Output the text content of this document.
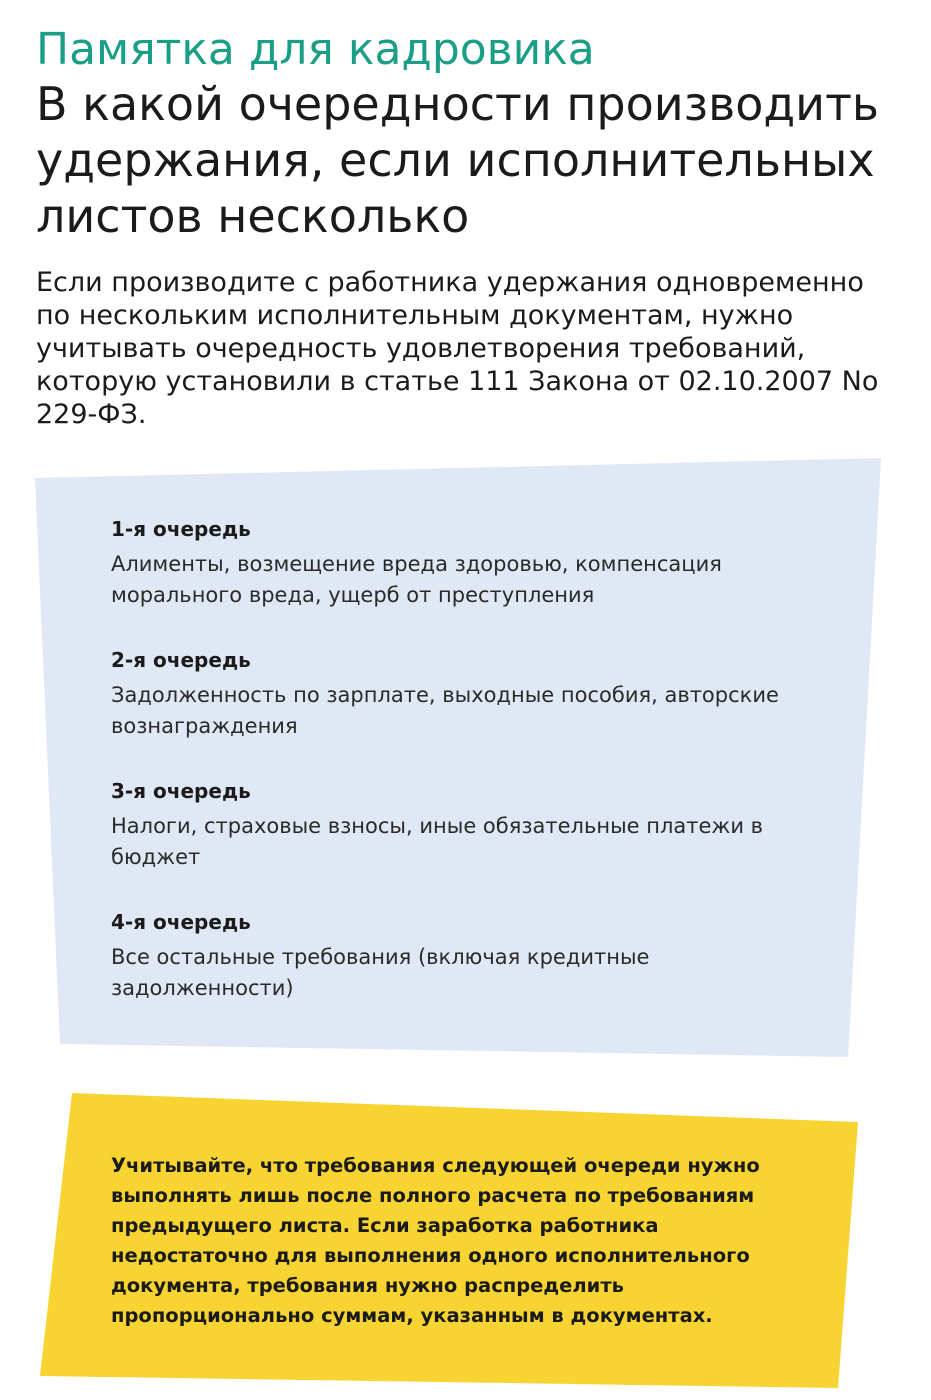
Памятка для кадровика
В какой очередности производить удержания, если исполнительных листов несколько

Если производите с работника удержания одновременно по нескольким исполнительным документам, нужно учитывать очередность удовлетворения требований, которую установили в статье 111 Закона от 02.10.2007 No 229-ФЗ.

1-я очередь
Алименты, возмещение вреда здоровью, компенсация морального вреда, ущерб от преступления
2-я очередь
Задолженность по зарплате, выходные пособия, авторские вознаграждения
3-я очередь
Налоги, страховые взносы, иные обязательные платежи в бюджет
4-я очередь
Все остальные требования (включая кредитные задолженности)
Учитывайте, что требования следующей очереди нужно выполнять лишь после полного расчета по требованиям предыдущего листа. Если заработка работника недостаточно для выполнения одного исполнительного документа, требования нужно распределить пропорционально суммам, указанным в документах.
